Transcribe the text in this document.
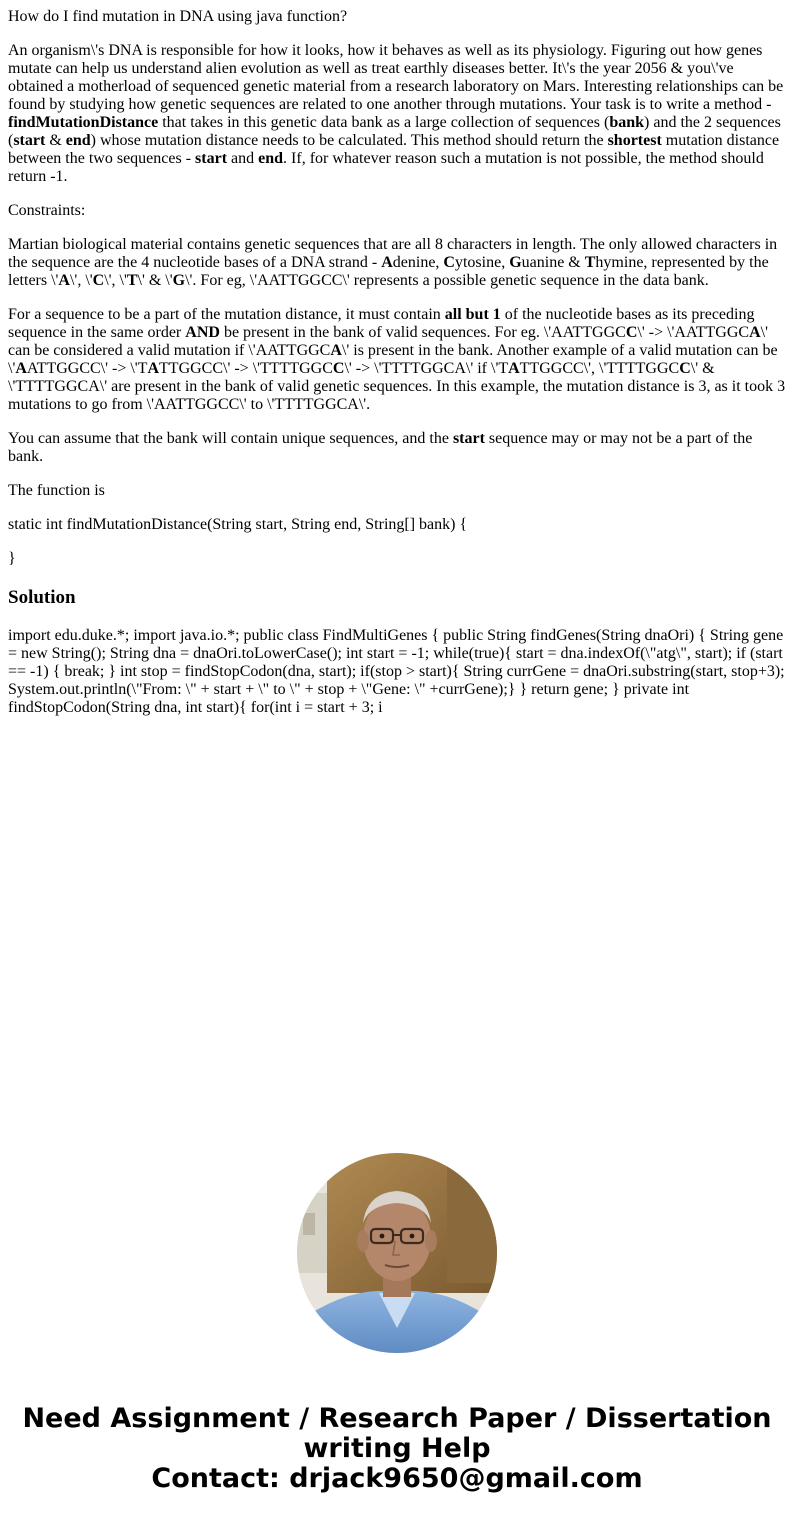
How do I find mutation in DNA using java function?

An organism\'s DNA is responsible for how it looks, how it behaves as well as its physiology. Figuring out how genes mutate can help us understand alien evolution as well as treat earthly diseases better. It\'s the year 2056 & you\'ve obtained a motherload of sequenced genetic material from a research laboratory on Mars. Interesting relationships can be found by studying how genetic sequences are related to one another through mutations. Your task is to write a method - findMutationDistance that takes in this genetic data bank as a large collection of sequences (bank) and the 2 sequences (start & end) whose mutation distance needs to be calculated. This method should return the shortest mutation distance between the two sequences - start and end. If, for whatever reason such a mutation is not possible, the method should return -1.

Constraints:

Martian biological material contains genetic sequences that are all 8 characters in length. The only allowed characters in the sequence are the 4 nucleotide bases of a DNA strand - Adenine, Cytosine, Guanine & Thymine, represented by the letters \'A\', \'C\', \'T\' & \'G\'. For eg, \'AATTGGCC\' represents a possible genetic sequence in the data bank.

For a sequence to be a part of the mutation distance, it must contain all but 1 of the nucleotide bases as its preceding sequence in the same order AND be present in the bank of valid sequences. For eg. \'AATTGGCC\' -> \'AATTGGCA\' can be considered a valid mutation if \'AATTGGCA\' is present in the bank. Another example of a valid mutation can be \'AATTGGCC\' -> \'TATTGGCC\' -> \'TTTTGGCC\' -> \'TTTTGGCA\' if \'TATTGGCC\', \'TTTTGGCC\' & \'TTTTGGCA\' are present in the bank of valid genetic sequences. In this example, the mutation distance is 3, as it took 3 mutations to go from \'AATTGGCC\' to \'TTTTGGCA\'.

You can assume that the bank will contain unique sequences, and the start sequence may or may not be a part of the bank.

The function is

static int findMutationDistance(String start, String end, String[] bank) {

}

Solution

import edu.duke.*; import java.io.*; public class FindMultiGenes { public String findGenes(String dnaOri) { String gene = new String(); String dna = dnaOri.toLowerCase(); int start = -1; while(true){ start = dna.indexOf(\"atg\", start); if (start == -1) { break; } int stop = findStopCodon(dna, start); if(stop > start){ String currGene = dnaOri.substring(start, stop+3); System.out.println(\"From: \" + start + \" to \" + stop + \"Gene: \" +currGene);} } return gene; } private int findStopCodon(String dna, int start){ for(int i = start + 3; i

Need Assignment / Research Paper / Dissertation
writing Help
Contact: drjack9650@gmail.com
